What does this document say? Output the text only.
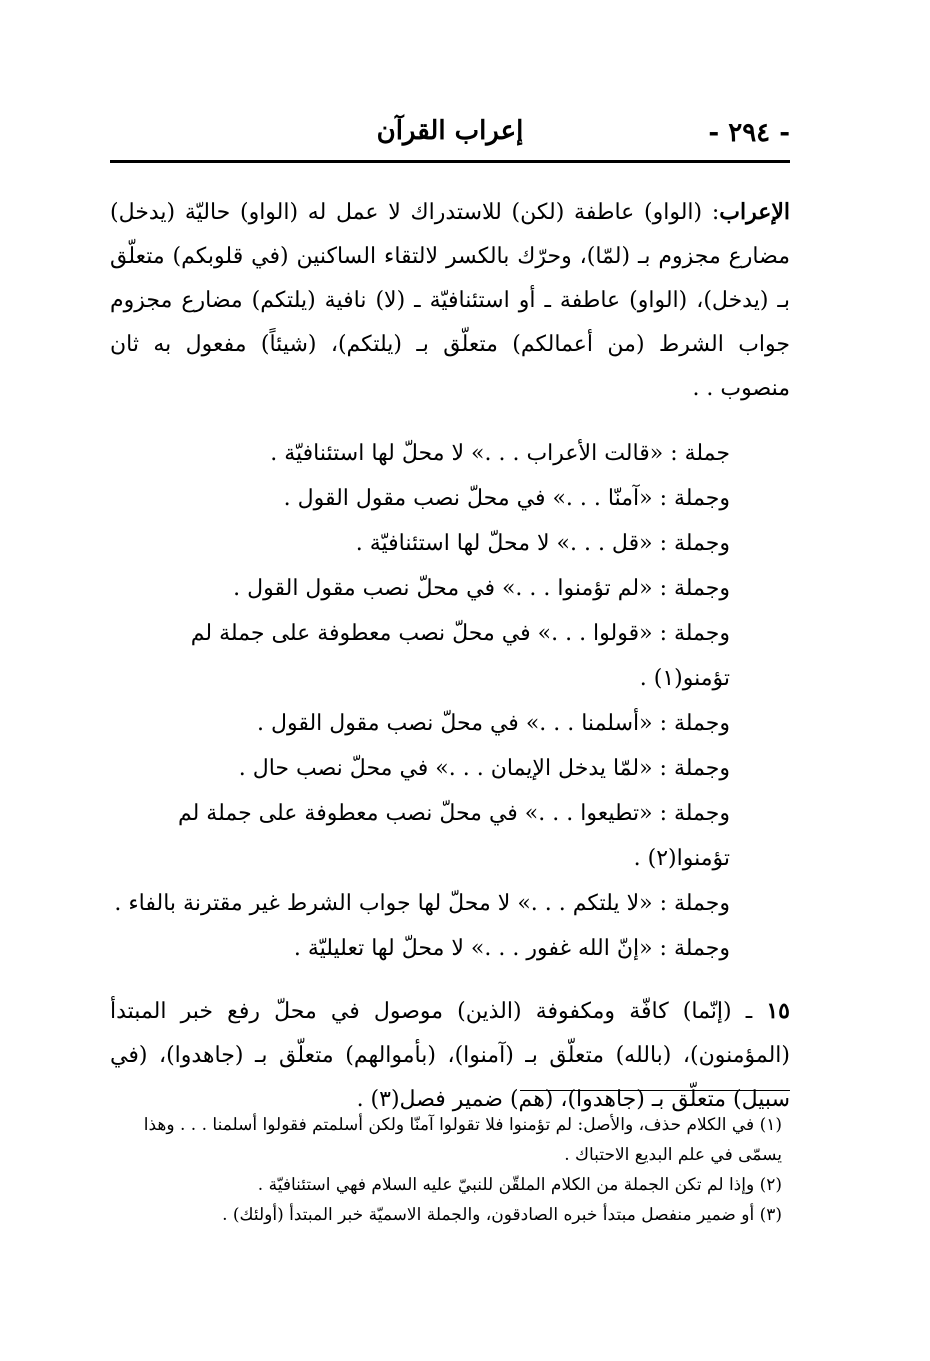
- ٢٩٤ -
إعراب القرآن

الإعراب: (الواو) عاطفة (لكن) للاستدراك لا عمل له (الواو) حاليّة (يدخل) مضارع مجزوم بـ (لمّا)، وحرّك بالكسر لالتقاء الساكنين (في قلوبكم) متعلّق بـ (يدخل)، (الواو) عاطفة ـ أو استئنافيّة ـ (لا) نافية (يلتكم) مضارع مجزوم جواب الشرط (من أعمالكم) متعلّق بـ (يلتكم)، (شيئاً) مفعول به ثان منصوب . .

جملة : «قالت الأعراب . . .» لا محلّ لها استئنافيّة .
وجملة : «آمنّا . . .» في محلّ نصب مقول القول .
وجملة : «قل . . .» لا محلّ لها استئنافيّة .
وجملة : «لم تؤمنوا . . .» في محلّ نصب مقول القول .
وجملة : «قولوا . . .» في محلّ نصب معطوفة على جملة لم تؤمنو(١) .
وجملة : «أسلمنا . . .» في محلّ نصب مقول القول .
وجملة : «لمّا يدخل الإيمان . . .» في محلّ نصب حال .
وجملة : «تطيعوا . . .» في محلّ نصب معطوفة على جملة لم تؤمنوا(٢) .
وجملة : «لا يلتكم . . .» لا محلّ لها جواب الشرط غير مقترنة بالفاء .
وجملة : «إنّ الله غفور . . .» لا محلّ لها تعليليّة .

١٥ ـ (إنّما) كافّة ومكفوفة (الذين) موصول في محلّ رفع خبر المبتدأ (المؤمنون)، (بالله) متعلّق بـ (آمنوا)، (بأموالهم) متعلّق بـ (جاهدوا)، (في سبيل) متعلّق بـ (جاهدوا)، (هم) ضمير فصل(٣) .

(١) في الكلام حذف، والأصل: لم تؤمنوا فلا تقولوا آمنّا ولكن أسلمتم فقولوا أسلمنا . . . وهذا يسمّى في علم البديع الاحتباك .

(٢) وإذا لم تكن الجملة من الكلام الملقّن للنبيّ عليه السلام فهي استئنافيّة .

(٣) أو ضمير منفصل مبتدأ خبره الصادقون، والجملة الاسميّة خبر المبتدأ (أولئك) .
